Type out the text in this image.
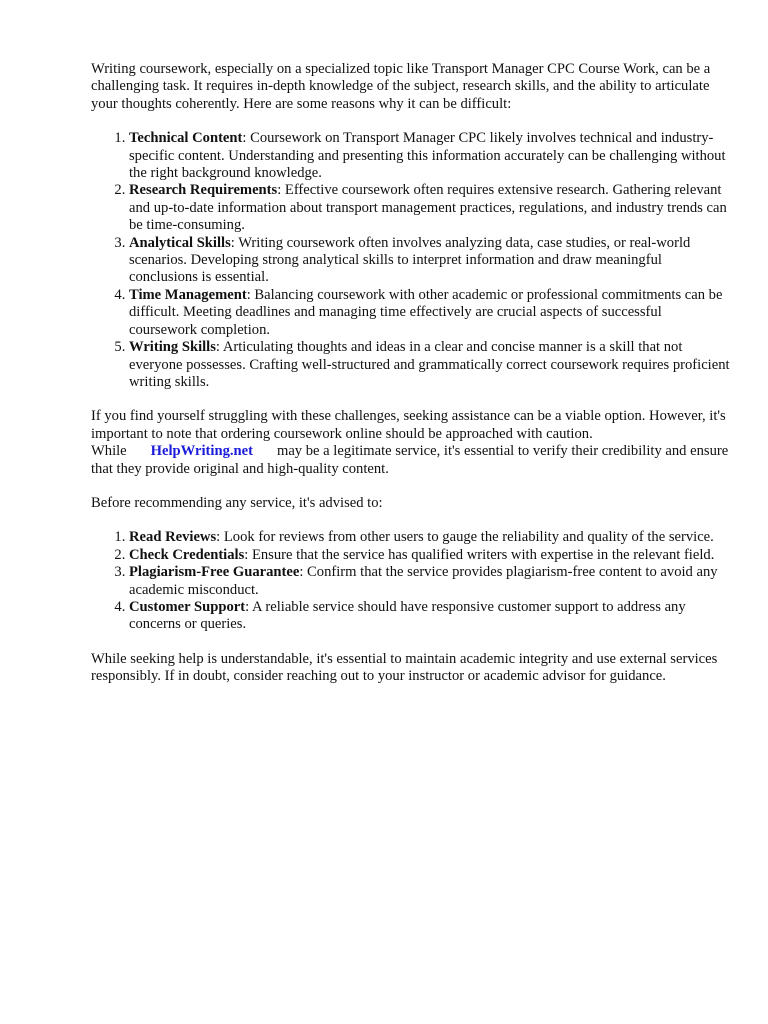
Writing coursework, especially on a specialized topic like Transport Manager CPC Course Work, can be a challenging task. It requires in-depth knowledge of the subject, research skills, and the ability to articulate your thoughts coherently. Here are some reasons why it can be difficult:

1. Technical Content: Coursework on Transport Manager CPC likely involves technical and industry-specific content. Understanding and presenting this information accurately can be challenging without the right background knowledge.
2. Research Requirements: Effective coursework often requires extensive research. Gathering relevant and up-to-date information about transport management practices, regulations, and industry trends can be time-consuming.
3. Analytical Skills: Writing coursework often involves analyzing data, case studies, or real-world scenarios. Developing strong analytical skills to interpret information and draw meaningful conclusions is essential.
4. Time Management: Balancing coursework with other academic or professional commitments can be difficult. Meeting deadlines and managing time effectively are crucial aspects of successful coursework completion.
5. Writing Skills: Articulating thoughts and ideas in a clear and concise manner is a skill that not everyone possesses. Crafting well-structured and grammatically correct coursework requires proficient writing skills.

If you find yourself struggling with these challenges, seeking assistance can be a viable option. However, it's important to note that ordering coursework online should be approached with caution. While HelpWriting.net may be a legitimate service, it's essential to verify their credibility and ensure that they provide original and high-quality content.

Before recommending any service, it's advised to:

1. Read Reviews: Look for reviews from other users to gauge the reliability and quality of the service.
2. Check Credentials: Ensure that the service has qualified writers with expertise in the relevant field.
3. Plagiarism-Free Guarantee: Confirm that the service provides plagiarism-free content to avoid any academic misconduct.
4. Customer Support: A reliable service should have responsive customer support to address any concerns or queries.

While seeking help is understandable, it's essential to maintain academic integrity and use external services responsibly. If in doubt, consider reaching out to your instructor or academic advisor for guidance.
